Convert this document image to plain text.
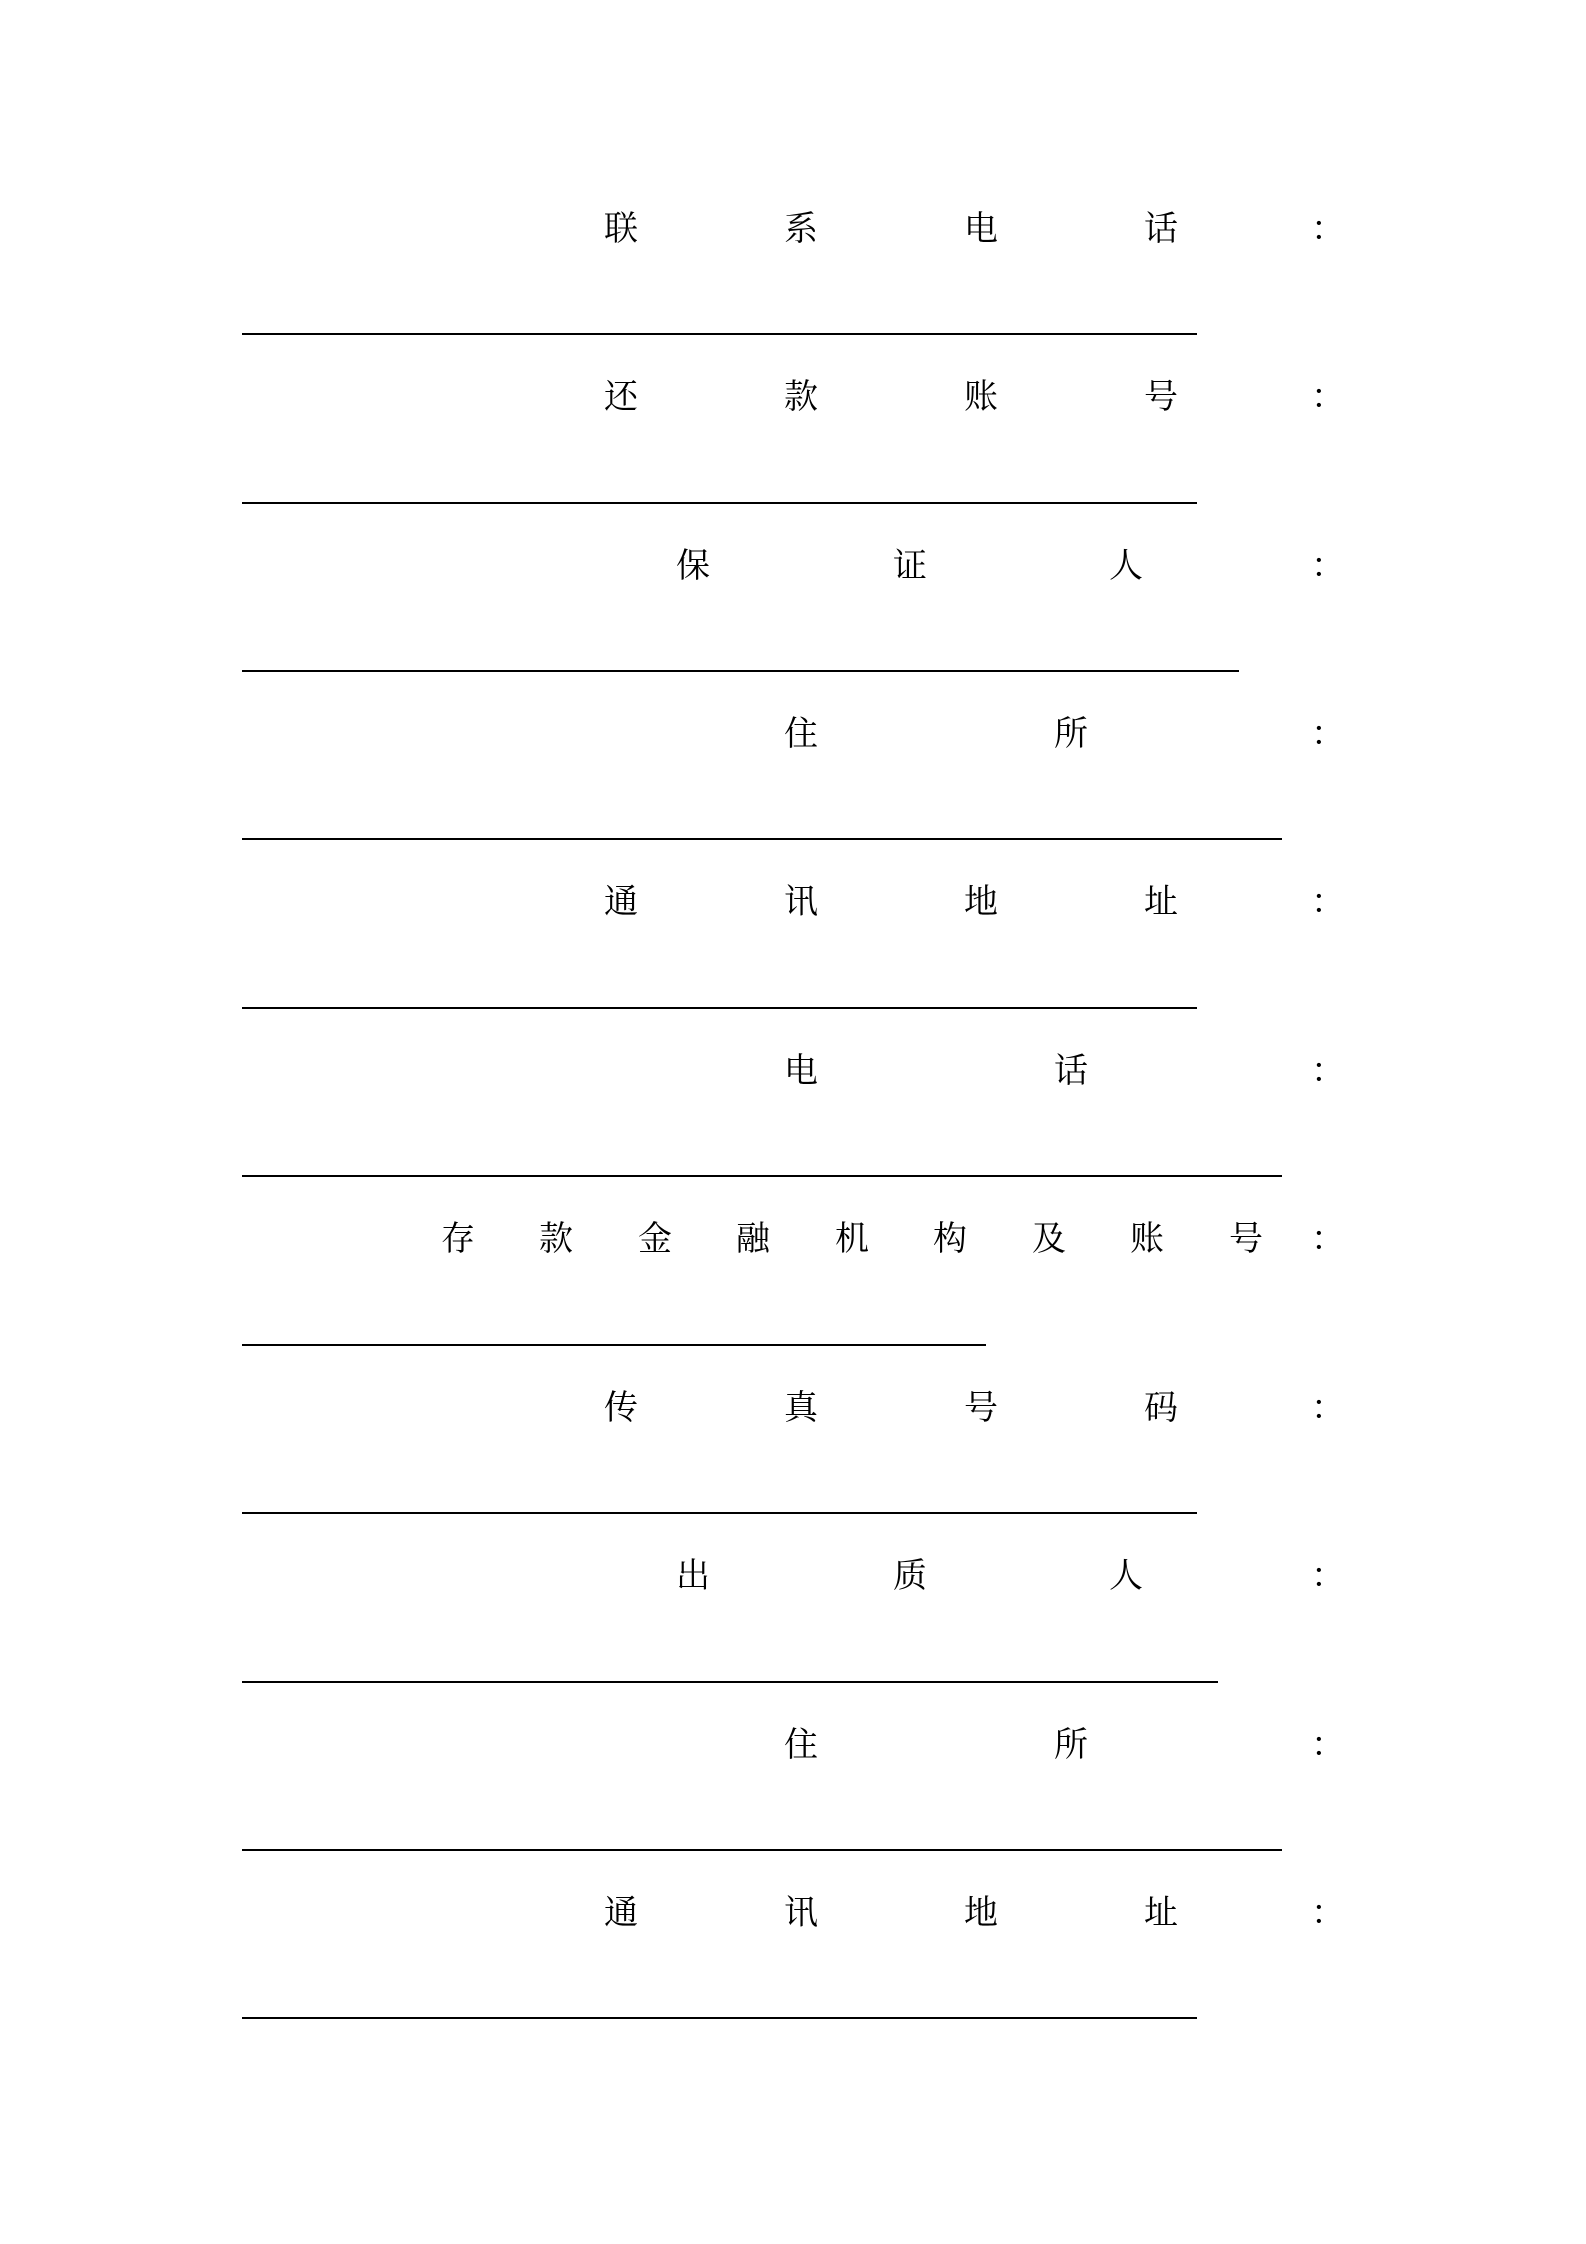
联	系	电	话	：
还	款	账	号	：
保	证	人	：
住	所	：
通	讯	地	址	：
电	话	：
存 款 金 融 机 构 及 账 号 ：
传	真	号	码	：
出	质	人	：
住	所	：
通	讯	地	址	：
